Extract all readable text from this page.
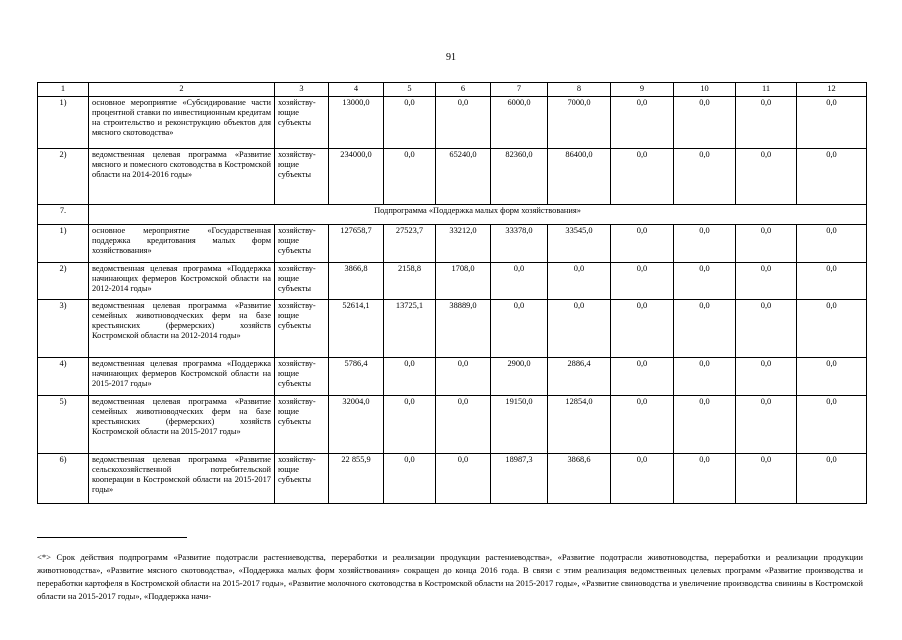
91
1	2	3	4	5	6	7	8	9	10	11	12
1)	основное мероприятие «Субсидирование части процентной ставки по инвестиционным кредитам на строительство и реконструкцию объектов для мясного скотоводства»	хозяйству-ющие субъекты	13000,0	0,0	0,0	6000,0	7000,0	0,0	0,0	0,0	0,0
2)	ведомственная целевая программа «Развитие мясного и помесного скотоводства в Костромской области на 2014-2016 годы»	хозяйству-ющие субъекты	234000,0	0,0	65240,0	82360,0	86400,0	0,0	0,0	0,0	0,0
7.	Подпрограмма «Поддержка малых форм хозяйствования»										
1)	основное мероприятие «Государственная поддержка кредитования малых форм хозяйствования»	хозяйству-ющие субъекты	127658,7	27523,7	33212,0	33378,0	33545,0	0,0	0,0	0,0	0,0
2)	ведомственная целевая программа «Поддержка начинающих фермеров Костромской области на 2012-2014 годы»	хозяйству-ющие субъекты	3866,8	2158,8	1708,0	0,0	0,0	0,0	0,0	0,0	0,0
3)	ведомственная целевая программа «Развитие семейных животноводческих ферм на базе крестьянских (фермерских) хозяйств Костромской области на 2012-2014 годы»	хозяйству-ющие субъекты	52614,1	13725,1	38889,0	0,0	0,0	0,0	0,0	0,0	0,0
4)	ведомственная целевая программа «Поддержка начинающих фермеров Костромской области на 2015-2017 годы»	хозяйству-ющие субъекты	5786,4	0,0	0,0	2900,0	2886,4	0,0	0,0	0,0	0,0
5)	ведомственная целевая программа «Развитие семейных животноводческих ферм на базе крестьянских (фермерских) хозяйств Костромской области на 2015-2017 годы»	хозяйству-ющие субъекты	32004,0	0,0	0,0	19150,0	12854,0	0,0	0,0	0,0	0,0
6)	ведомственная целевая программа «Развитие сельскохозяйственной потребительской кооперации в Костромской области на 2015-2017 годы»	хозяйству-ющие субъекты	22 855,9	0,0	0,0	18987,3	3868,6	0,0	0,0	0,0	0,0
<*> Срок действия подпрограмм «Развитие подотрасли растениеводства, переработки и реализации продукции растениеводства», «Развитие подотрасли животноводства, переработки и реализации продукции животноводства», «Развитие мясного скотоводства», «Поддержка малых форм хозяйствования» сокращен до конца 2016 года. В связи с этим реализация ведомственных целевых программ «Развитие производства и переработки картофеля в Костромской области на 2015-2017 годы», «Развитие молочного скотоводства в Костромской области на 2015-2017 годы», «Развитие свиноводства и увеличение производства свинины в Костромской области на 2015-2017 годы», «Поддержка начи-
